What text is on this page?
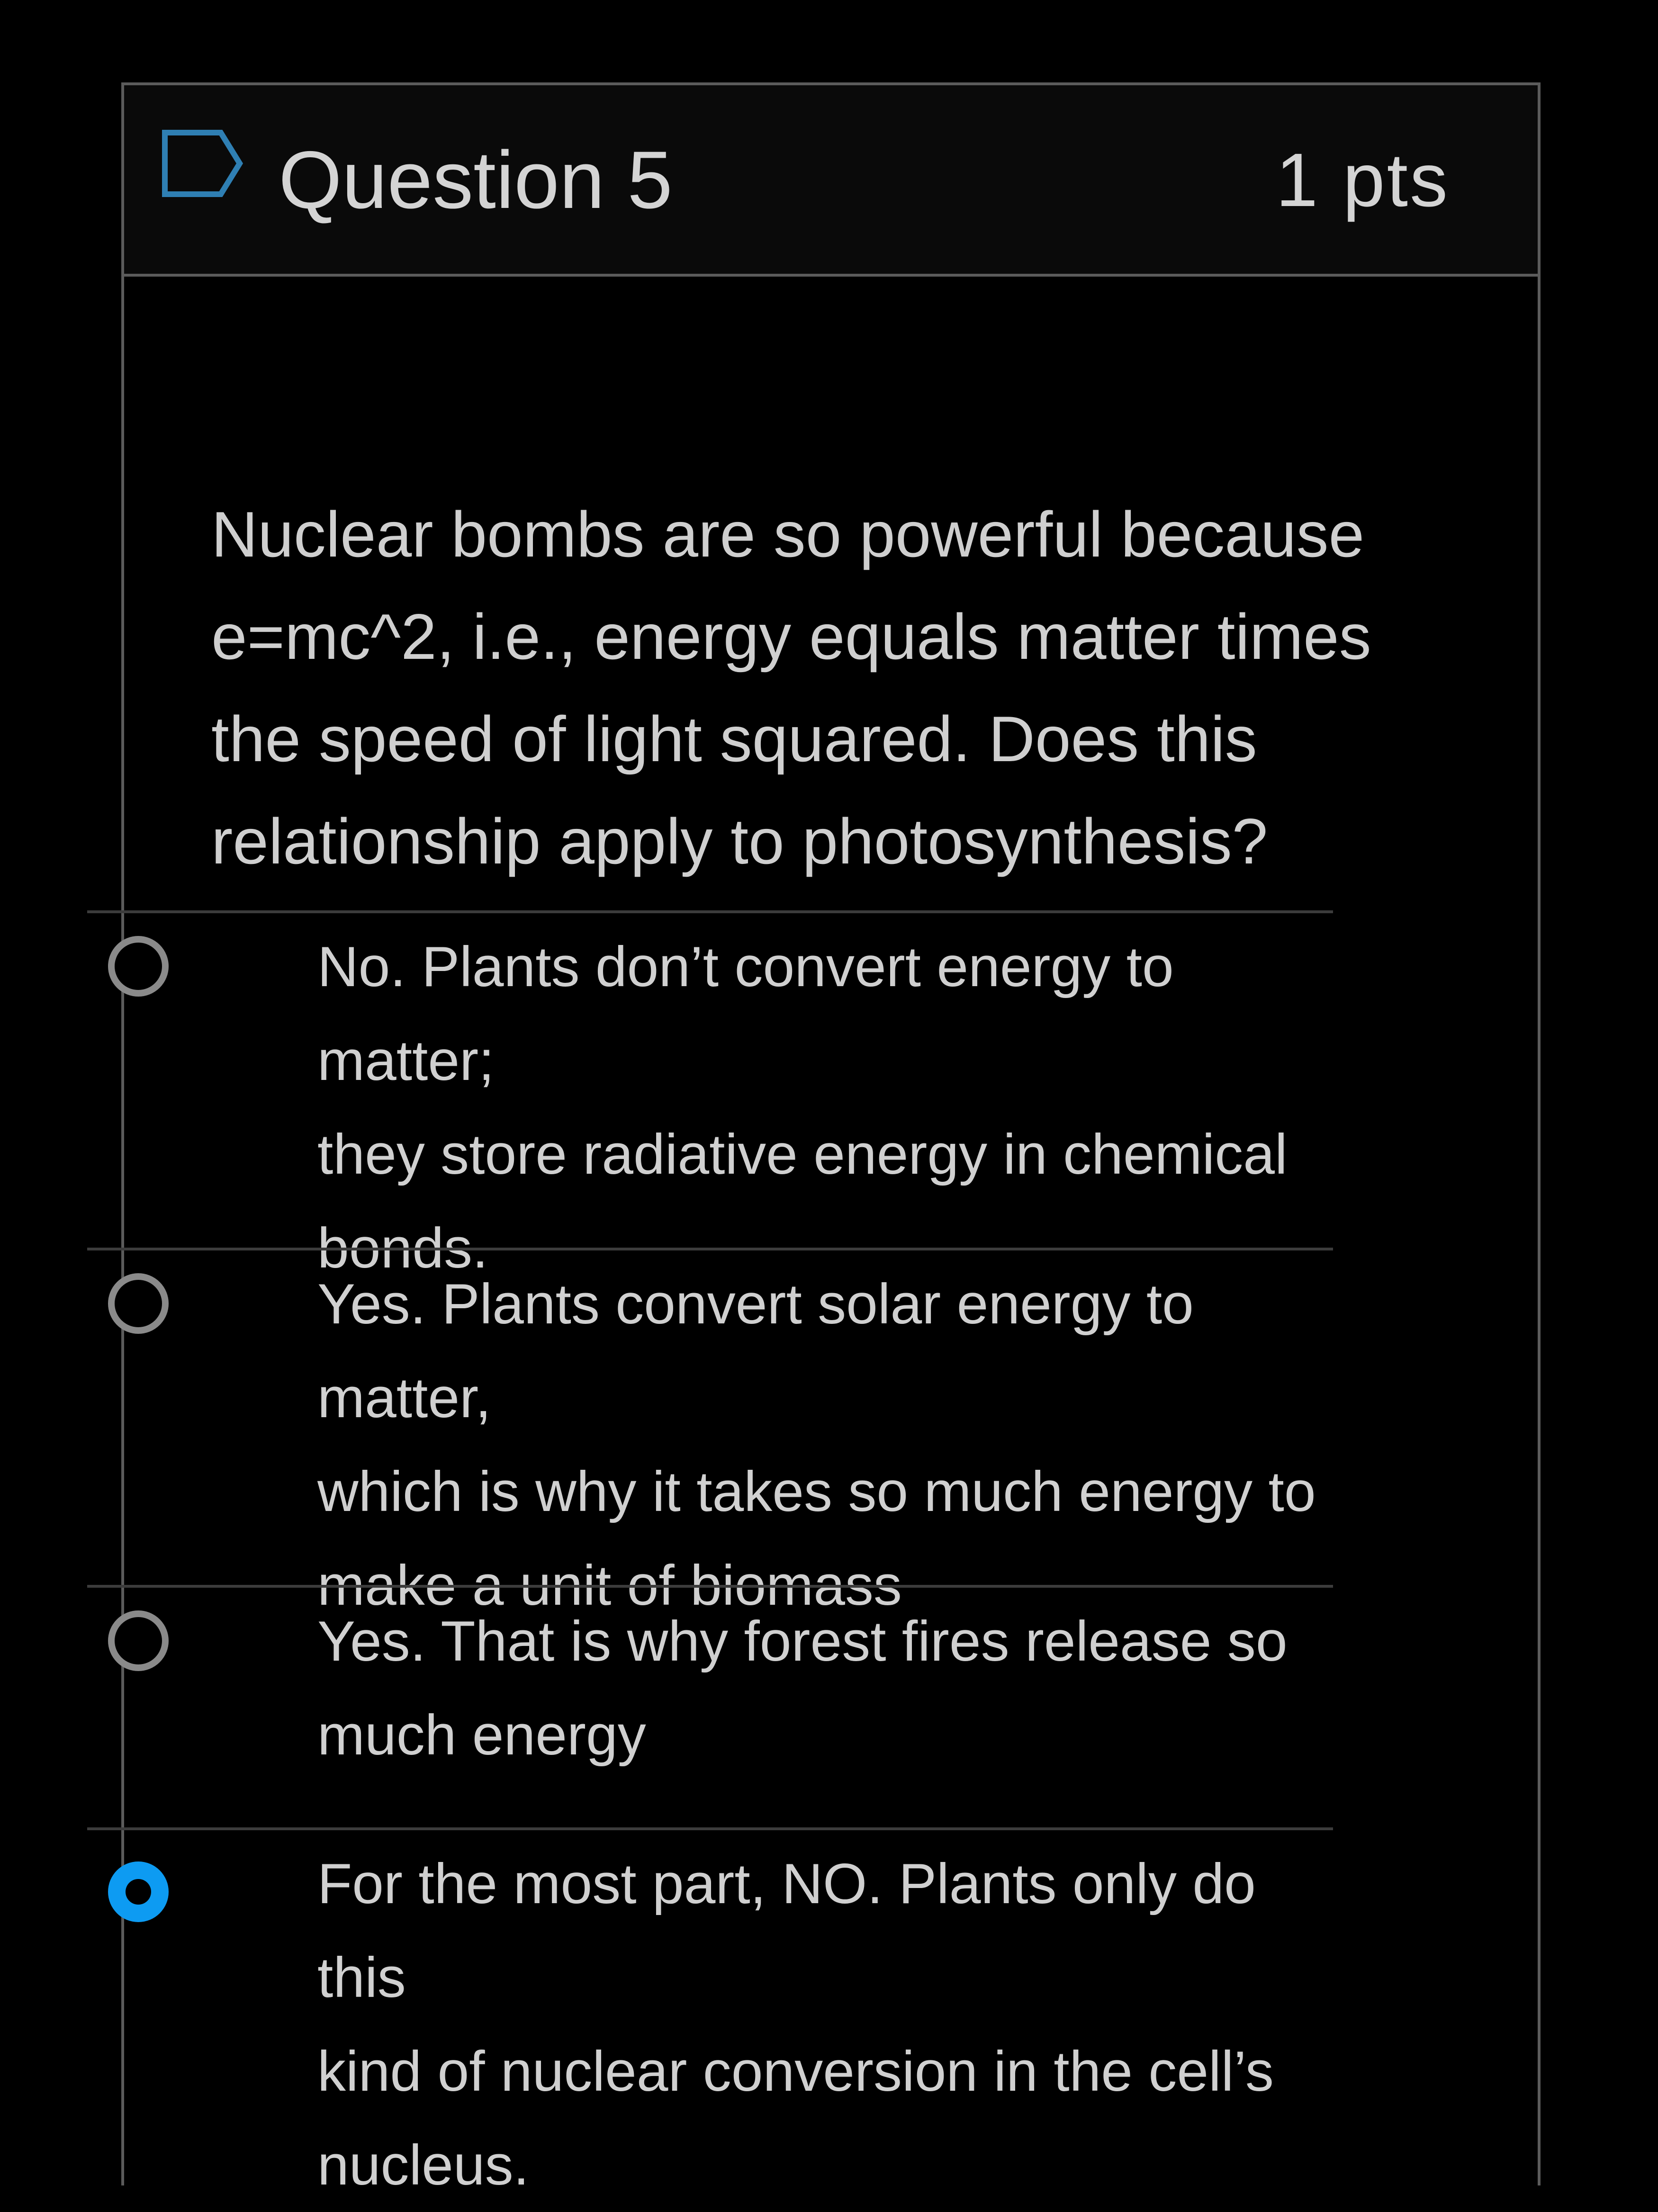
Question 5	1 pts

Nuclear bombs are so powerful because
e=mc^2, i.e., energy equals matter times
the speed of light squared. Does this
relationship apply to photosynthesis?

No. Plants don’t convert energy to matter;
they store radiative energy in chemical
bonds.
Yes. Plants convert solar energy to matter,
which is why it takes so much energy to
make a unit of biomass
Yes. That is why forest fires release so
much energy
For the most part, NO. Plants only do this
kind of nuclear conversion in the cell’s
nucleus.
